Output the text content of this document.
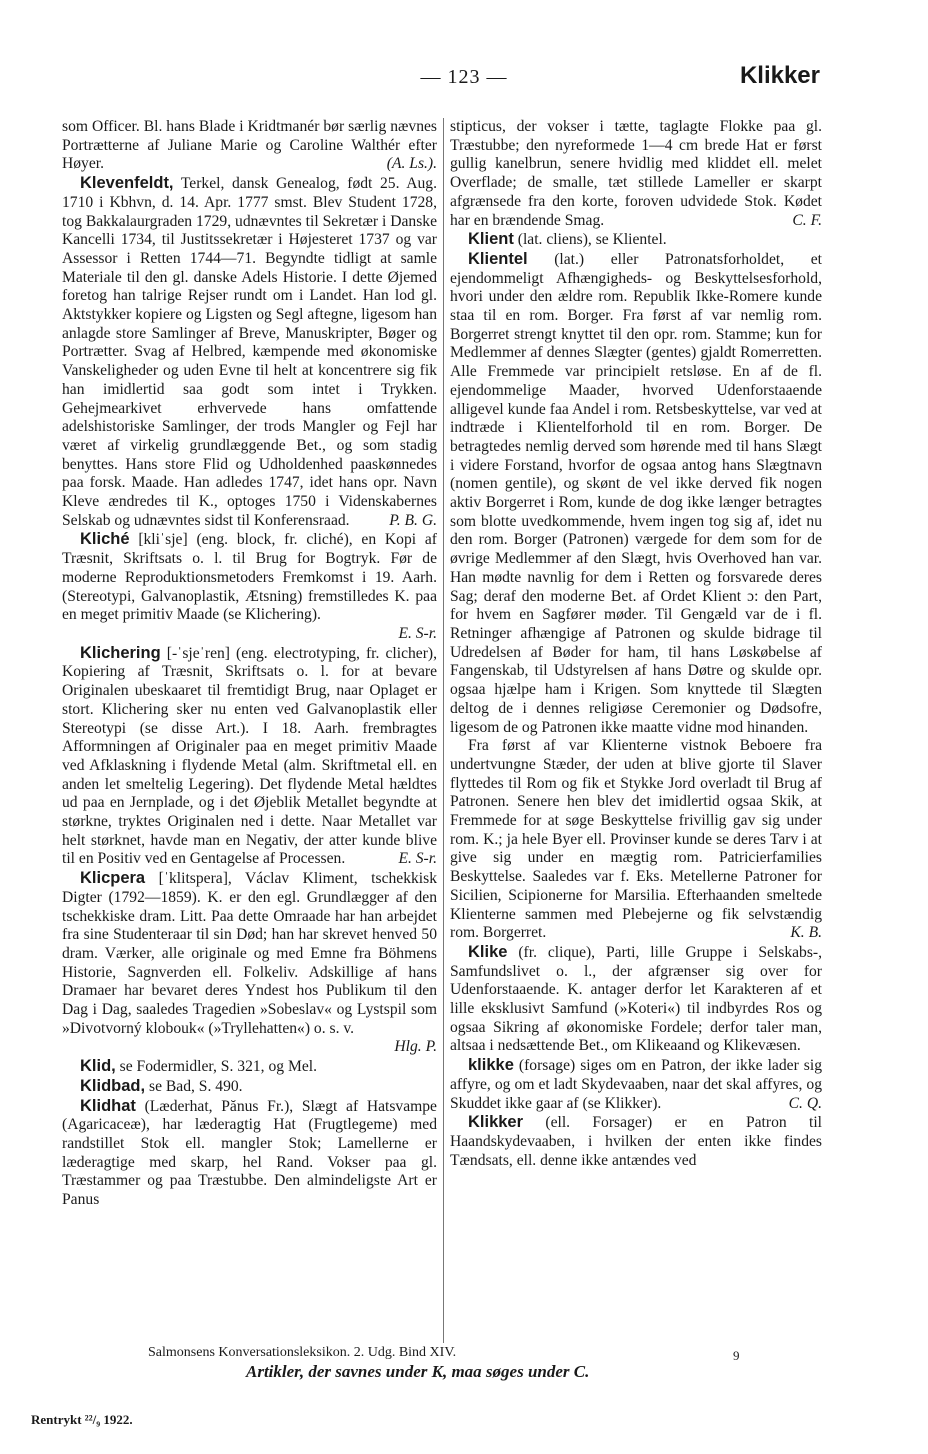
— 123 —	Klikker

som Officer. Bl. hans Blade i Kridtmanér bør særlig nævnes Portrætterne af Juliane Marie og Caroline Walthér efter Høyer.	(A. Ls.).

Klevenfeldt, Terkel, dansk Genealog, født 25. Aug. 1710 i Kbhvn, d. 14. Apr. 1777 smst. Blev Student 1728, tog Bakkalaurgraden 1729, udnævntes til Sekretær i Danske Kancelli 1734, til Justitssekretær i Højesteret 1737 og var Assessor i Retten 1744—71. Begyndte tidligt at samle Materiale til den gl. danske Adels Historie. I dette Øjemed foretog han talrige Rejser rundt om i Landet. Han lod gl. Aktstykker kopiere og Ligsten og Segl aftegne, ligesom han anlagde store Samlinger af Breve, Manuskripter, Bøger og Portrætter. Svag af Helbred, kæmpende med økonomiske Vanskeligheder og uden Evne til helt at koncentrere sig fik han imidlertid saa godt som intet i Trykken. Gehejmearkivet erhvervede hans omfattende adelshistoriske Samlinger, der trods Mangler og Fejl har været af virkelig grundlæggende Bet., og som stadig benyttes. Hans store Flid og Udholdenhed paaskønnedes paa forsk. Maade. Han adledes 1747, idet hans opr. Navn Kleve ændredes til K., optoges 1750 i Videnskabernes Selskab og udnævntes sidst til Konferensraad.	P. B. G.

Kliché [kliˈsje] (eng. block, fr. cliché), en Kopi af Træsnit, Skriftsats o. l. til Brug for Bogtryk. Før de moderne Reproduktionsmetoders Fremkomst i 19. Aarh. (Stereotypi, Galvanoplastik, Ætsning) fremstilledes K. paa en meget primitiv Maade (se Klichering).

E. S-r.

Klichering [-ˈsjeˈren] (eng. electrotyping, fr. clicher), Kopiering af Træsnit, Skriftsats o. l. for at bevare Originalen ubeskaaret til fremtidigt Brug, naar Oplaget er stort. Klichering sker nu enten ved Galvanoplastik eller Stereotypi (se disse Art.). I 18. Aarh. frembragtes Afformningen af Originaler paa en meget primitiv Maade ved Afklaskning i flydende Metal (alm. Skriftmetal ell. en anden let smeltelig Legering). Det flydende Metal hældtes ud paa en Jernplade, og i det Øjeblik Metallet begyndte at størkne, tryktes Originalen ned i dette. Naar Metallet var helt størknet, havde man en Negativ, der atter kunde blive til en Positiv ved en Gentagelse af Processen.	E. S-r.

Klicpera [ˈklitspera], Václav Kliment, tschekkisk Digter (1792—1859). K. er den egl. Grundlægger af den tschekkiske dram. Litt. Paa dette Omraade har han arbejdet fra sine Studenteraar til sin Død; han har skrevet henved 50 dram. Værker, alle originale og med Emne fra Böhmens Historie, Sagnverden ell. Folkeliv. Adskillige af hans Dramaer har bevaret deres Yndest hos Publikum til den Dag i Dag, saaledes Tragedien »Sobeslav« og Lystspil som »Divotvorný klobouk« (»Tryllehatten«) o. s. v.

Hlg. P.

Klid, se Fodermidler, S. 321, og Mel.

Klidbad, se Bad, S. 490.

Klidhat (Læderhat, Pănus Fr.), Slægt af Hatsvampe (Agaricaceæ), har læderagtig Hat (Frugtlegeme) med randstillet Stok ell. mangler Stok; Lamellerne er læderagtige med skarp, hel Rand. Vokser paa gl. Træstammer og paa Træstubbe. Den almindeligste Art er Panus

stipticus, der vokser i tætte, taglagte Flokke paa gl. Træstubbe; den nyreformede 1—4 cm brede Hat er først gullig kanelbrun, senere hvidlig med kliddet ell. melet Overflade; de smalle, tæt stillede Lameller er skarpt afgrænsede fra den korte, foroven udvidede Stok. Kødet har en brændende Smag.	C. F.

Klient (lat. cliens), se Klientel.

Klientel (lat.) eller Patronatsforholdet, et ejendommeligt Afhængigheds- og Beskyttelsesforhold, hvori under den ældre rom. Republik Ikke-Romere kunde staa til en rom. Borger. Fra først af var nemlig rom. Borgerret strengt knyttet til den opr. rom. Stamme; kun for Medlemmer af dennes Slægter (gentes) gjaldt Romerretten. Alle Fremmede var principielt retsløse. En af de fl. ejendommelige Maader, hvorved Udenforstaaende alligevel kunde faa Andel i rom. Retsbeskyttelse, var ved at indtræde i Klientelforhold til en rom. Borger. De betragtedes nemlig derved som hørende med til hans Slægt i videre Forstand, hvorfor de ogsaa antog hans Slægtnavn (nomen gentile), og skønt de vel ikke derved fik nogen aktiv Borgerret i Rom, kunde de dog ikke længer betragtes som blotte uvedkommende, hvem ingen tog sig af, idet nu den rom. Borger (Patronen) værgede for dem som for de øvrige Medlemmer af den Slægt, hvis Overhoved han var. Han mødte navnlig for dem i Retten og forsvarede deres Sag; deraf den moderne Bet. af Ordet Klient ɔ: den Part, for hvem en Sagfører møder. Til Gengæld var de i fl. Retninger afhængige af Patronen og skulde bidrage til Udredelsen af Bøder for ham, til hans Løskøbelse af Fangenskab, til Udstyrelsen af hans Døtre og skulde opr. ogsaa hjælpe ham i Krigen. Som knyttede til Slægten deltog de i dennes religiøse Ceremonier og Dødsofre, ligesom de og Patronen ikke maatte vidne mod hinanden.

Fra først af var Klienterne vistnok Beboere fra undertvungne Stæder, der uden at blive gjorte til Slaver flyttedes til Rom og fik et Stykke Jord overladt til Brug af Patronen. Senere hen blev det imidlertid ogsaa Skik, at Fremmede for at søge Beskyttelse frivillig gav sig under rom. K.; ja hele Byer ell. Provinser kunde se deres Tarv i at give sig under en mægtig rom. Patricierfamilies Beskyttelse. Saaledes var f. Eks. Metellerne Patroner for Sicilien, Scipionerne for Marsilia. Efterhaanden smeltede Klienterne sammen med Plebejerne og fik selvstændig rom. Borgerret.	K. B.

Klike (fr. clique), Parti, lille Gruppe i Selskabs-, Samfundslivet o. l., der afgrænser sig over for Udenforstaaende. K. antager derfor let Karakteren af et lille eksklusivt Samfund (»Koteri«) til indbyrdes Ros og ogsaa Sikring af økonomiske Fordele; derfor taler man, altsaa i nedsættende Bet., om Klikeaand og Klikevæsen.

klikke (forsage) siges om en Patron, der ikke lader sig affyre, og om et ladt Skydevaaben, naar det skal affyres, og Skuddet ikke gaar af (se Klikker).	C. Q.

Klikker (ell. Forsager) er en Patron til Haandskydevaaben, i hvilken der enten ikke findes Tændsats, ell. denne ikke antændes ved

Salmonsens Konversationsleksikon. 2. Udg. Bind XIV.	9
Artikler, der savnes under K, maa søges under C.
Rentrykt ²²/₉ 1922.
